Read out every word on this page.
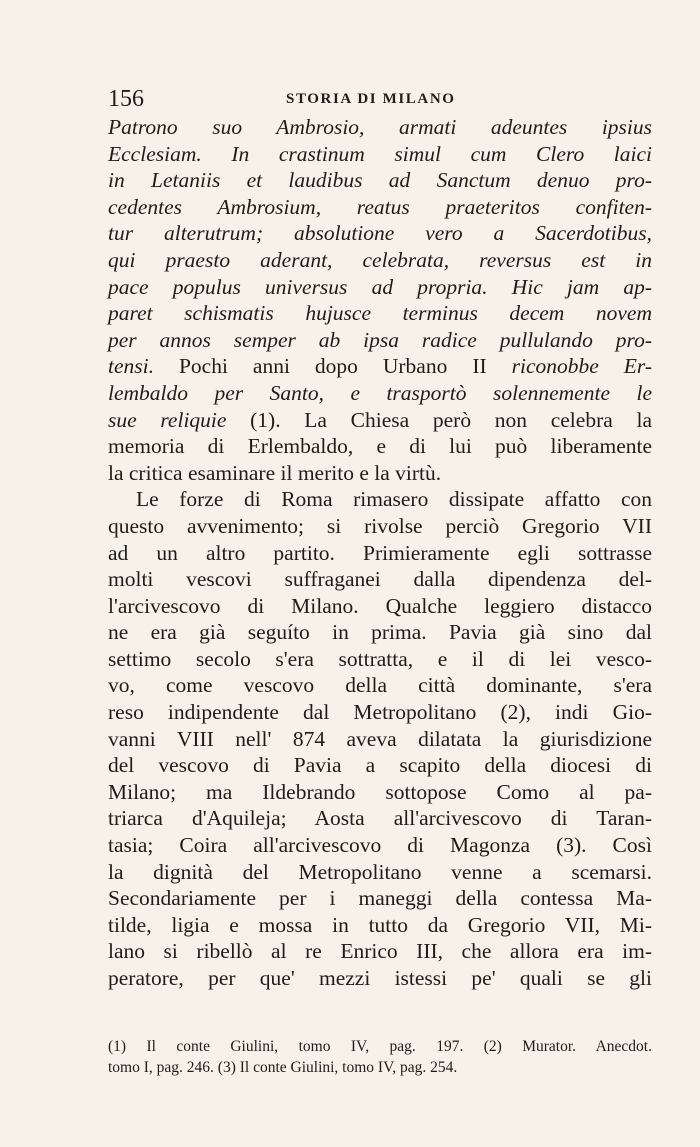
156	STORIA DI MILANO
Patrono suo Ambrosio, armati adeuntes ipsius
Ecclesiam. In crastinum simul cum Clero laici
in Letaniis et laudibus ad Sanctum denuo pro-
cedentes Ambrosium, reatus praeteritos confiten-
tur alterutrum; absolutione vero a Sacerdotibus,
qui praesto aderant, celebrata, reversus est in
pace populus universus ad propria. Hic jam ap-
paret schismatis hujusce terminus decem novem
per annos semper ab ipsa radice pullulando pro-
tensi. Pochi anni dopo Urbano II riconobbe Er-
lembaldo per Santo, e trasportò solennemente le
sue reliquie (1). La Chiesa però non celebra la
memoria di Erlembaldo, e di lui può liberamente
la critica esaminare il merito e la virtù.
Le forze di Roma rimasero dissipate affatto con
questo avvenimento; si rivolse perciò Gregorio VII
ad un altro partito. Primieramente egli sottrasse
molti vescovi suffraganei dalla dipendenza del-
l'arcivescovo di Milano. Qualche leggiero distacco
ne era già seguíto in prima. Pavia già sino dal
settimo secolo s'era sottratta, e il di lei vesco-
vo, come vescovo della città dominante, s'era
reso indipendente dal Metropolitano (2), indi Gio-
vanni VIII nell' 874 aveva dilatata la giurisdizione
del vescovo di Pavia a scapito della diocesi di
Milano; ma Ildebrando sottopose Como al pa-
triarca d'Aquileja; Aosta all'arcivescovo di Taran-
tasia; Coira all'arcivescovo di Magonza (3). Così
la dignità del Metropolitano venne a scemarsi.
Secondariamente per i maneggi della contessa Ma-
tilde, ligia e mossa in tutto da Gregorio VII, Mi-
lano si ribellò al re Enrico III, che allora era im-
peratore, per que' mezzi istessi pe' quali se gli
(1) Il conte Giulini, tomo IV, pag. 197. (2) Murator. Anecdot.
tomo I, pag. 246. (3) Il conte Giulini, tomo IV, pag. 254.
